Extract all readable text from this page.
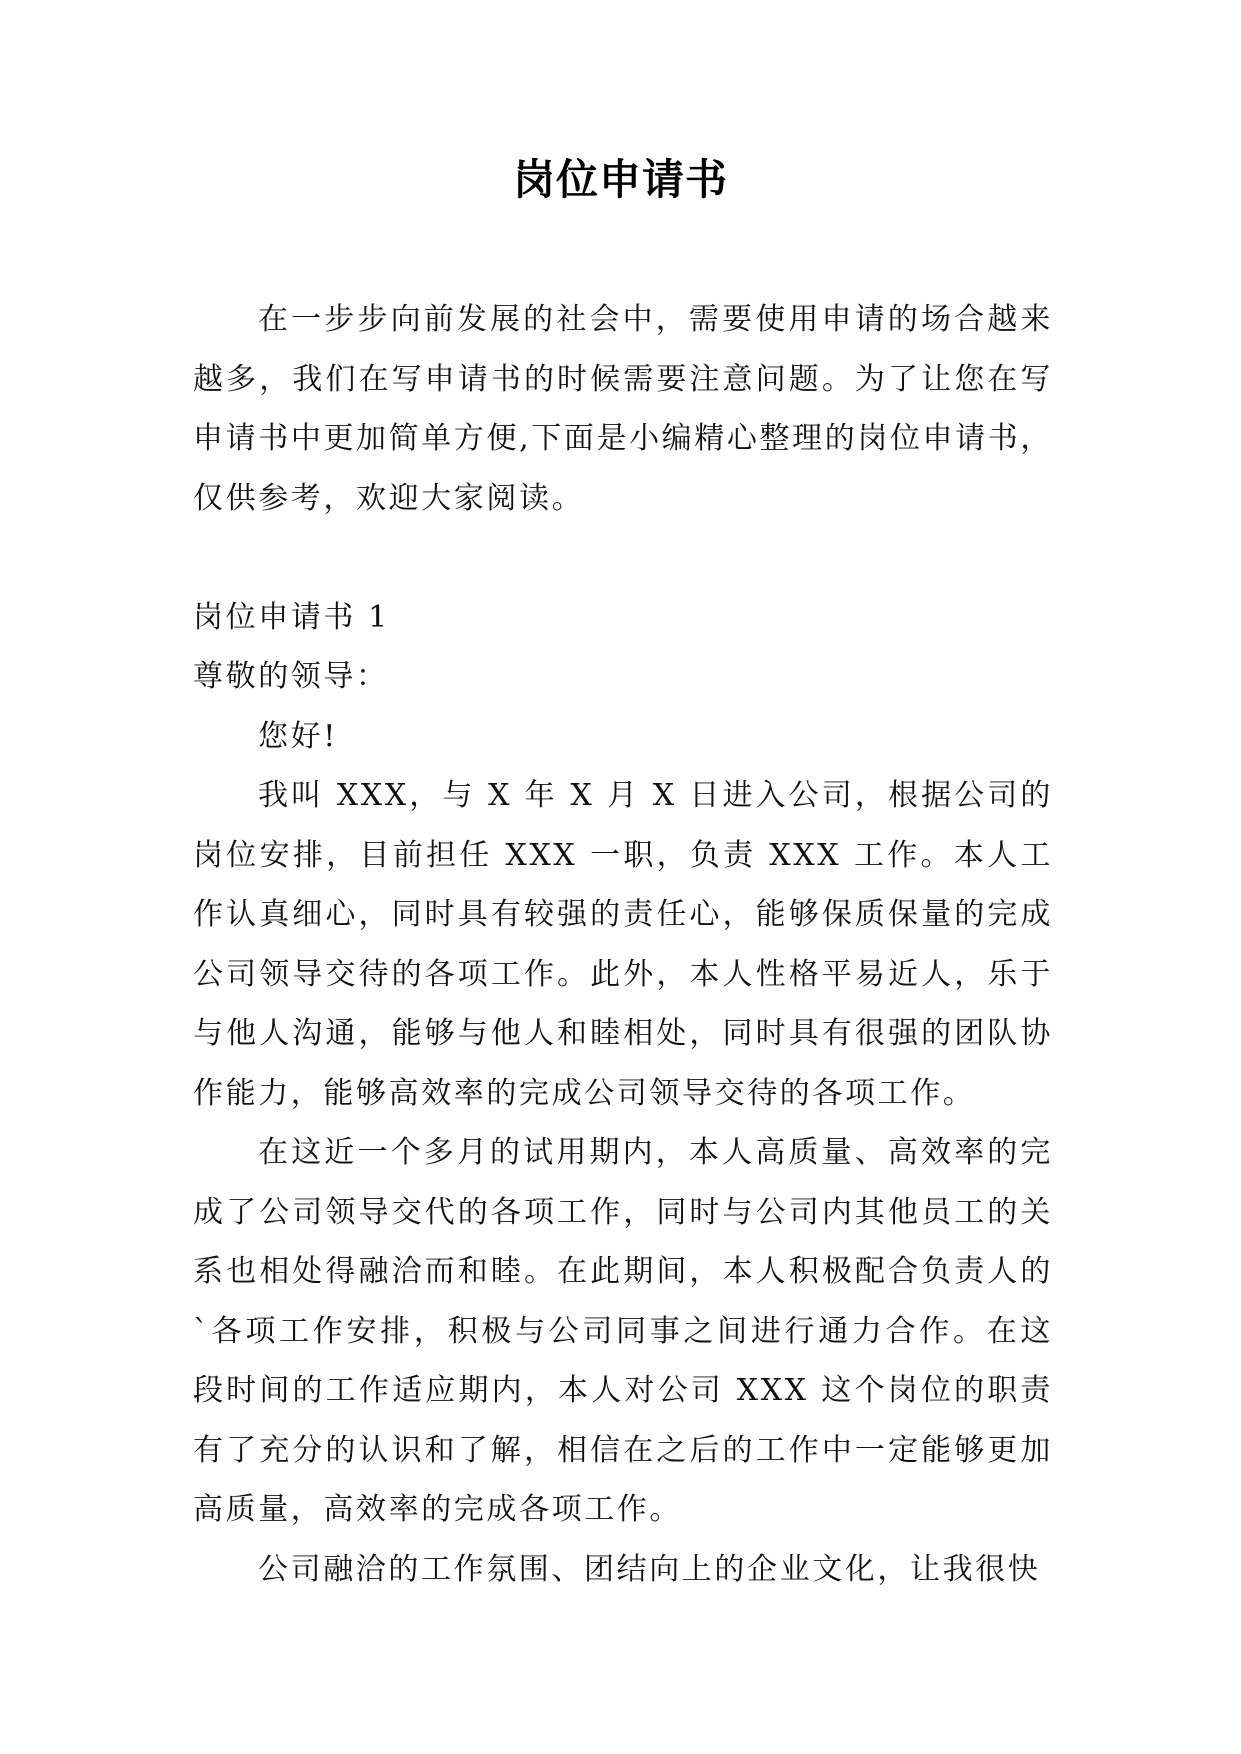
岗位申请书

在一步步向前发展的社会中，需要使用申请的场合越来越多，我们在写申请书的时候需要注意问题。为了让您在写申请书中更加简单方便,下面是小编精心整理的岗位申请书，仅供参考，欢迎大家阅读。

岗位申请书 1

尊敬的领导：

您好!

我叫 XXX，与 X 年 X 月 X 日进入公司，根据公司的岗位安排，目前担任 XXX 一职，负责 XXX 工作。本人工作认真细心，同时具有较强的责任心，能够保质保量的完成公司领导交待的各项工作。此外，本人性格平易近人，乐于与他人沟通，能够与他人和睦相处，同时具有很强的团队协作能力，能够高效率的完成公司领导交待的各项工作。

在这近一个多月的试用期内，本人高质量、高效率的完成了公司领导交代的各项工作，同时与公司内其他员工的关系也相处得融洽而和睦。在此期间，本人积极配合负责人的`各项工作安排，积极与公司同事之间进行通力合作。在这段时间的工作适应期内，本人对公司 XXX 这个岗位的职责有了充分的认识和了解，相信在之后的工作中一定能够更加高质量，高效率的完成各项工作。

公司融洽的工作氛围、团结向上的企业文化，让我很快
